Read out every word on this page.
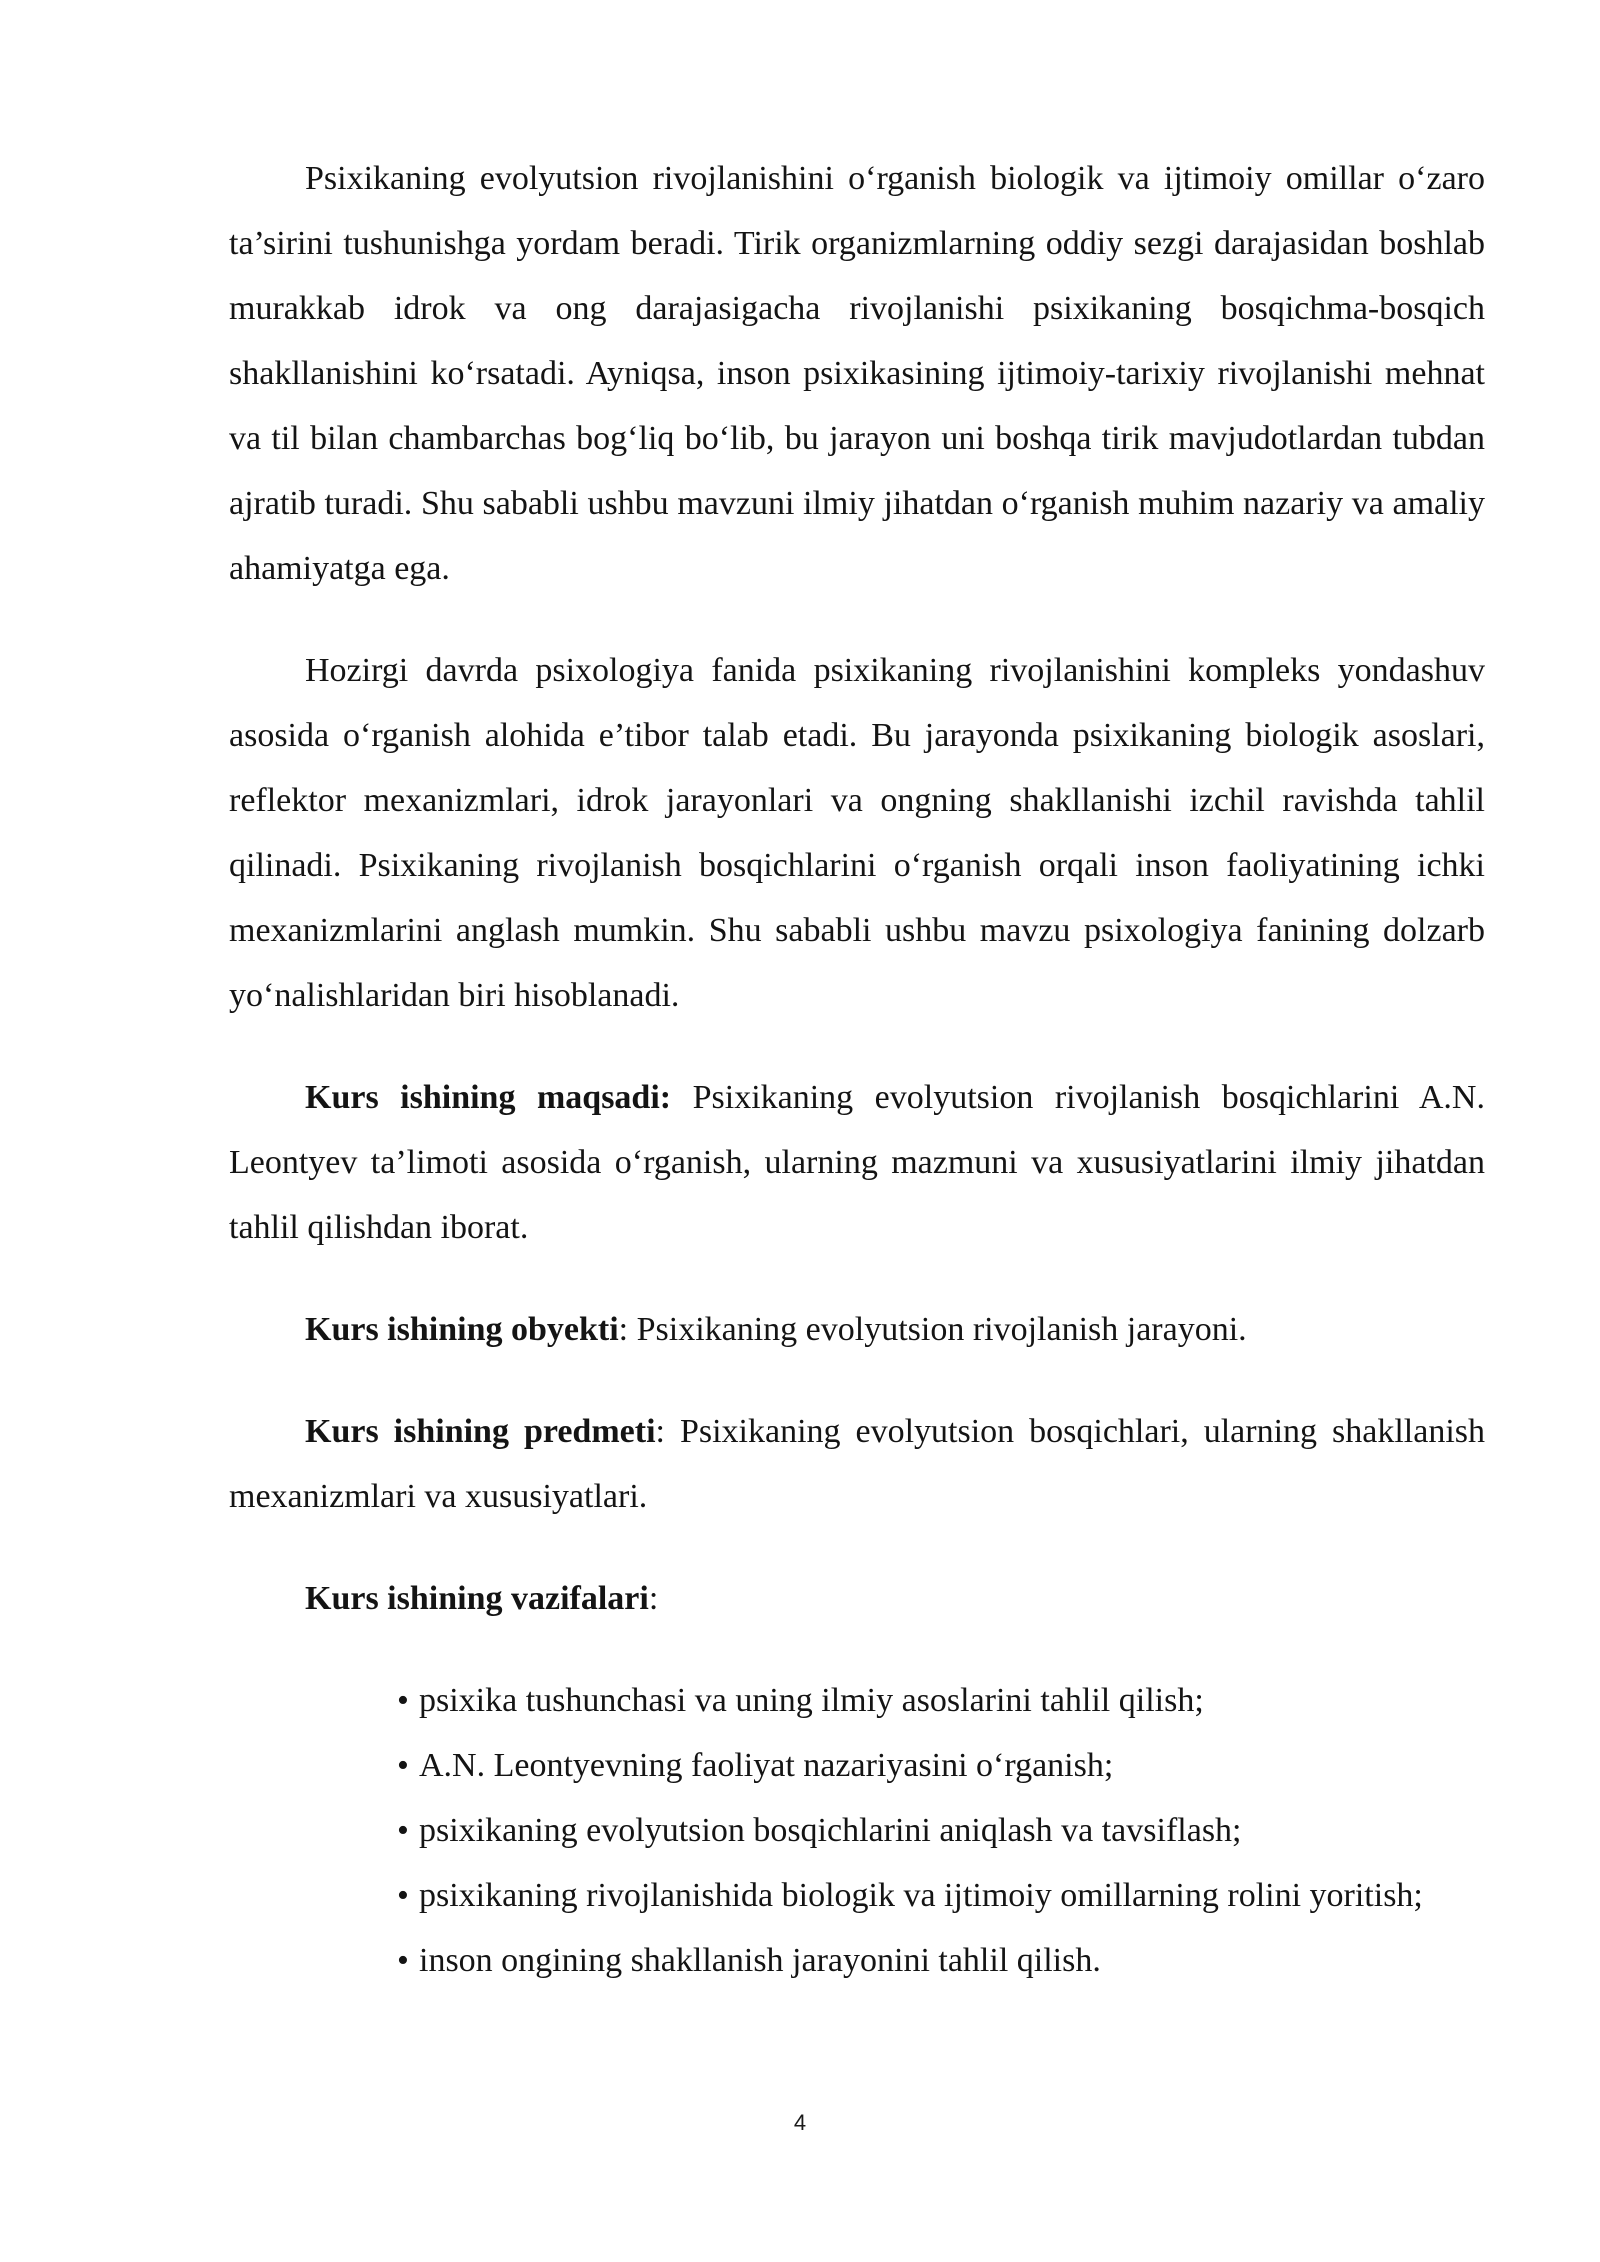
Psixikaning evolyutsion rivojlanishini o‘rganish biologik va ijtimoiy omillar o‘zaro ta’sirini tushunishga yordam beradi. Tirik organizmlarning oddiy sezgi darajasidan boshlab murakkab idrok va ong darajasigacha rivojlanishi psixikaning bosqichma-bosqich shakllanishini ko‘rsatadi. Ayniqsa, inson psixikasining ijtimoiy-tarixiy rivojlanishi mehnat va til bilan chambarchas bog‘liq bo‘lib, bu jarayon uni boshqa tirik mavjudotlardan tubdan ajratib turadi. Shu sababli ushbu mavzuni ilmiy jihatdan o‘rganish muhim nazariy va amaliy ahamiyatga ega.

Hozirgi davrda psixologiya fanida psixikaning rivojlanishini kompleks yondashuv asosida o‘rganish alohida e’tibor talab etadi. Bu jarayonda psixikaning biologik asoslari, reflektor mexanizmlari, idrok jarayonlari va ongning shakllanishi izchil ravishda tahlil qilinadi. Psixikaning rivojlanish bosqichlarini o‘rganish orqali inson faoliyatining ichki mexanizmlarini anglash mumkin. Shu sababli ushbu mavzu psixologiya fanining dolzarb yo‘nalishlaridan biri hisoblanadi.

Kurs ishining maqsadi: Psixikaning evolyutsion rivojlanish bosqichlarini A.N. Leontyev ta’limoti asosida o‘rganish, ularning mazmuni va xususiyatlarini ilmiy jihatdan tahlil qilishdan iborat.

Kurs ishining obyekti: Psixikaning evolyutsion rivojlanish jarayoni.

Kurs ishining predmeti: Psixikaning evolyutsion bosqichlari, ularning shakllanish mexanizmlari va xususiyatlari.

Kurs ishining vazifalari:

• psixika tushunchasi va uning ilmiy asoslarini tahlil qilish;
• A.N. Leontyevning faoliyat nazariyasini o‘rganish;
• psixikaning evolyutsion bosqichlarini aniqlash va tavsiflash;
• psixikaning rivojlanishida biologik va ijtimoiy omillarning rolini yoritish;
• inson ongining shakllanish jarayonini tahlil qilish.
4
